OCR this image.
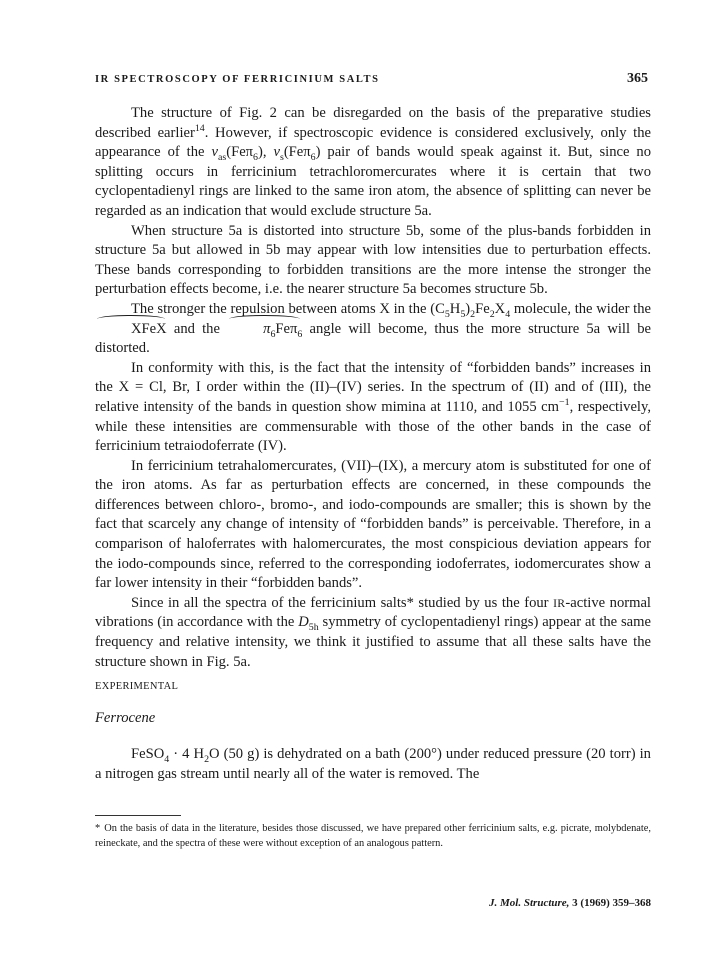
IR SPECTROSCOPY OF FERRICINIUM SALTS	365

The structure of Fig. 2 can be disregarded on the basis of the preparative studies described earlier$^{14}$. However, if spectroscopic evidence is considered exclusively, only the appearance of the $\nu_{as}(Fe\pi_6)$, $\nu_s(Fe\pi_6)$ pair of bands would speak against it. But, since no splitting occurs in ferricinium tetrachloromercurates where it is certain that two cyclopentadienyl rings are linked to the same iron atom, the absence of splitting can never be regarded as an indication that would exclude structure 5a.

When structure 5a is distorted into structure 5b, some of the plus-bands forbidden in structure 5a but allowed in 5b may appear with low intensities due to perturbation effects. These bands corresponding to forbidden transitions are the more intense the stronger the perturbation effects become, i.e. the nearer structure 5a becomes structure 5b.

The stronger the repulsion between atoms X in the $(C_5H_5)_2Fe_2X_4$ molecule, the wider the XFeX and the $\pi_6Fe\pi_6$ angle will become, thus the more structure 5a will be distorted.

In conformity with this, is the fact that the intensity of “forbidden bands” increases in the X = Cl, Br, I order within the (II)–(IV) series. In the spectrum of (II) and of (III), the relative intensity of the bands in question show mimina at 1110, and 1055 $cm^{-1}$, respectively, while these intensities are commensurable with those of the other bands in the case of ferricinium tetraiodoferrate (IV).

In ferricinium tetrahalomercurates, (VII)–(IX), a mercury atom is substituted for one of the iron atoms. As far as perturbation effects are concerned, in these compounds the differences between chloro-, bromo-, and iodo-compounds are smaller; this is shown by the fact that scarcely any change of intensity of “forbidden bands” is perceivable. Therefore, in a comparison of haloferrates with halomercurates, the most conspicious deviation appears for the iodo-compounds since, referred to the corresponding iodoferrates, iodomercurates show a far lower intensity in their “forbidden bands”.

Since in all the spectra of the ferricinium salts* studied by us the four IR-active normal vibrations (in accordance with the $D_{5h}$ symmetry of cyclopentadienyl rings) appear at the same frequency and relative intensity, we think it justified to assume that all these salts have the structure shown in Fig. 5a.

EXPERIMENTAL
Ferrocene

FeSO$_4$ · 4 $H_2O$ (50 g) is dehydrated on a bath (200°) under reduced pressure (20 torr) in a nitrogen gas stream until nearly all of the water is removed. The

* On the basis of data in the literature, besides those discussed, we have prepared other ferricinium salts, e.g. picrate, molybdenate, reineckate, and the spectra of these were without exception of an analogous pattern.
J. Mol. Structure, 3 (1969) 359–368
